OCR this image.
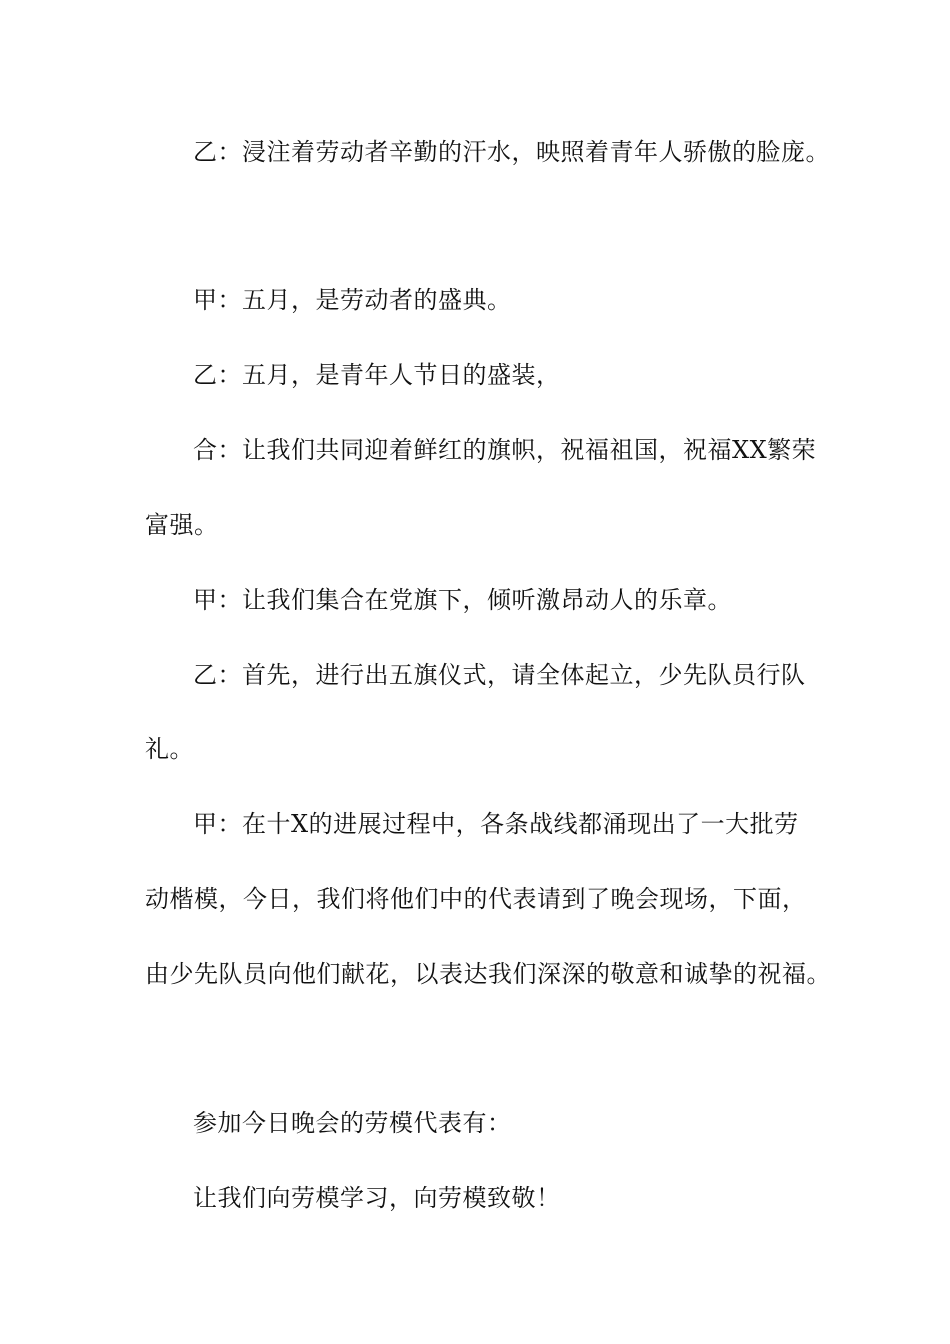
乙：浸注着劳动者辛勤的汗水，映照着青年人骄傲的脸庞。

甲：五月，是劳动者的盛典。

乙：五月，是青年人节日的盛装，

合：让我们共同迎着鲜红的旗帜，祝福祖国，祝福XX繁荣

富强。

甲：让我们集合在党旗下，倾听激昂动人的乐章。

乙：首先，进行出五旗仪式，请全体起立，少先队员行队

礼。

甲：在十X的进展过程中，各条战线都涌现出了一大批劳

动楷模，今日，我们将他们中的代表请到了晚会现场，下面，

由少先队员向他们献花，以表达我们深深的敬意和诚挚的祝福。

参加今日晚会的劳模代表有：

让我们向劳模学习，向劳模致敬！
